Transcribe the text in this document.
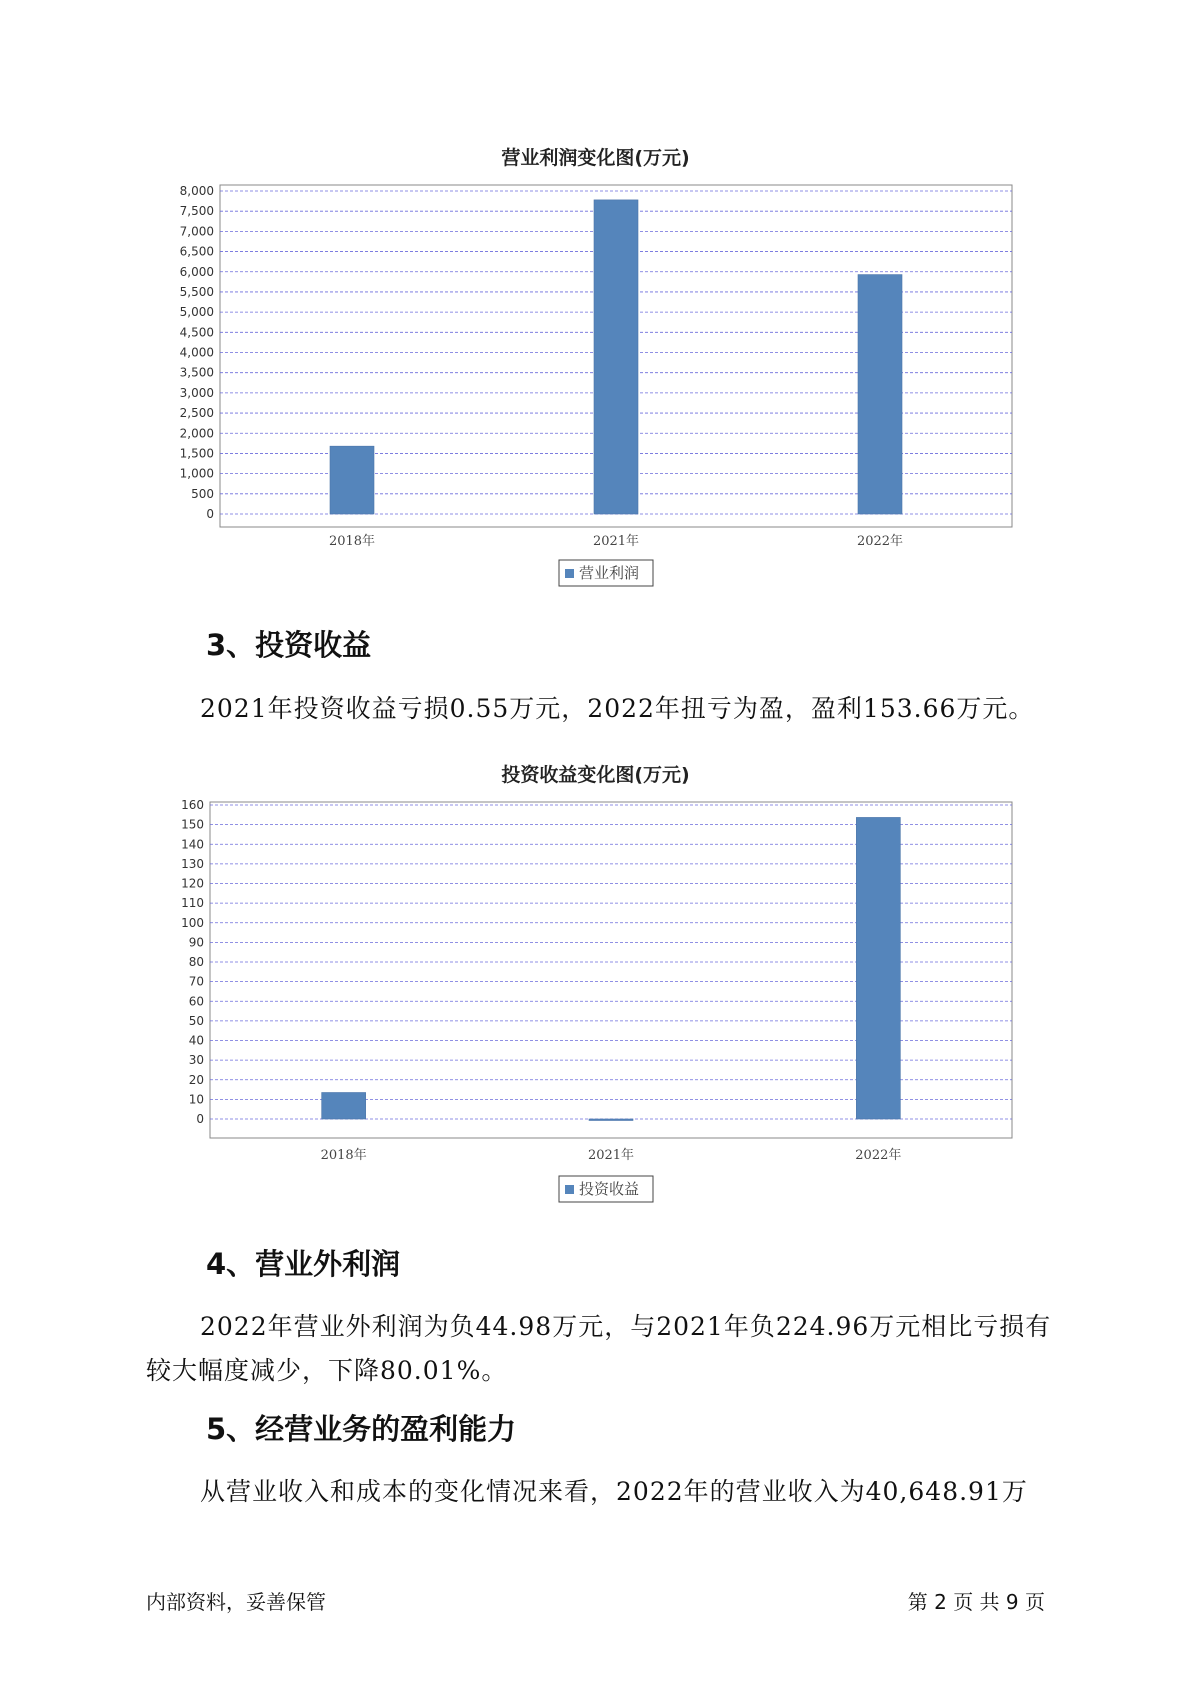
营业利润变化图(万元)
0
500
1,000
1,500
2,000
2,500
3,000
3,500
4,000
4,500
5,000
5,500
6,000
6,500
7,000
7,500
8,000
2018年	2021年	2022年
营业利润
3、投资收益
2021年投资收益亏损0.55万元，2022年扭亏为盈，盈利153.66万元。
投资收益变化图(万元)
0
10
20
30
40
50
60
70
80
90
100
110
120
130
140
150
160
2018年	2021年	2022年
投资收益
4、营业外利润
2022年营业外利润为负44.98万元，与2021年负224.96万元相比亏损有较大幅度减少，下降80.01%。
5、经营业务的盈利能力
从营业收入和成本的变化情况来看，2022年的营业收入为40,648.91万
内部资料，妥善保管	第 2 页 共 9 页
